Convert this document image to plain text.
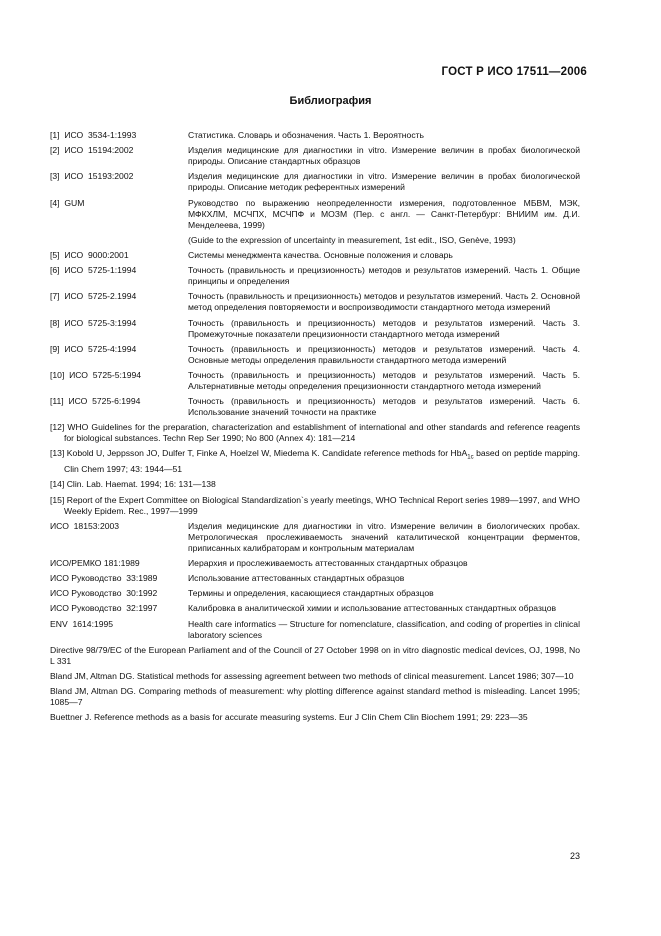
ГОСТ Р ИСО 17511—2006
Библиография
[1]  ИСО  3534-1:1993	Статистика. Словарь и обозначения. Часть 1. Вероятность
[2]  ИСО  15194:2002	Изделия медицинские для диагностики in vitro. Измерение величин в пробах биологической природы. Описание стандартных образцов
[3]  ИСО  15193:2002	Изделия медицинские для диагностики in vitro. Измерение величин в пробах биологической природы. Описание методик референтных измерений
[4]  GUM	Руководство по выражению неопределенности измерения, подготовленное МБВМ, МЭК, МФКХЛМ, МСЧПХ, МСЧПФ и МОЗМ (Пер. с англ. — Санкт-Петербург: ВНИИМ им. Д.И. Менделеева, 1999)
(Guide to the expression of uncertainty in measurement, 1st edit., ISO, Genève, 1993)
[5]  ИСО  9000:2001	Системы менеджмента качества. Основные положения и словарь
[6]  ИСО  5725-1:1994	Точность (правильность и прецизионность) методов и результатов измерений. Часть 1. Общие принципы и определения
[7]  ИСО  5725-2.1994	Точность (правильность и прецизионность) методов и результатов измерений. Часть 2. Основной метод определения повторяемости и воспроизводимости стандартного метода измерений
[8]  ИСО  5725-3:1994	Точность (правильность и прецизионность) методов и результатов измерений. Часть 3. Промежуточные показатели прецизионности стандартного метода измерений
[9]  ИСО  5725-4:1994	Точность (правильность и прецизионность) методов и результатов измерений. Часть 4. Основные методы определения правильности стандартного метода измерений
[10]  ИСО  5725-5:1994	Точность (правильность и прецизионность) методов и результатов измерений. Часть 5. Альтернативные методы определения прецизионности стандартного метода измерений
[11]  ИСО  5725-6:1994	Точность (правильность и прецизионность) методов и результатов измерений. Часть 6. Использование значений точности на практике
[12] WHO Guidelines for the preparation, characterization and establishment of international and other standards and reference reagents for biological substances. Techn Rep Ser 1990; No 800 (Annex 4): 181—214
[13] Kobold U, Jeppsson JO, Dulfer T, Finke A, Hoelzel W, Miedema K. Candidate reference methods for HbA$_{1c}$ based on peptide mapping. Clin Chem 1997; 43: 1944—51
[14] Clin. Lab. Haemat. 1994; 16: 131—138
[15] Report of the Expert Committee on Biological Standardization`s yearly meetings, WHO Technical Report series 1989—1997, and WHO Weekly Epidem. Rec., 1997—1999
ИСО  18153:2003	Изделия медицинские для диагностики in vitro. Измерение величин в биологических пробах. Метрологическая прослеживаемость значений каталитической концентрации ферментов, приписанных калибраторам и контрольным материалам
ИСО/РЕМКО 181:1989	Иерархия и прослеживаемость аттестованных стандартных образцов
ИСО Руководство  33:1989	Использование аттестованных стандартных образцов
ИСО Руководство  30:1992	Термины и определения, касающиеся стандартных образцов
ИСО Руководство  32:1997	Калибровка в аналитической химии и использование аттестованных стандартных образцов
ENV  1614:1995	Health care informatics — Structure for nomenclature, classification, and coding of properties in clinical laboratory sciences
Directive 98/79/EC of the European Parliament and of the Council of 27 October 1998 on in vitro diagnostic medical devices, OJ, 1998, No L 331
Bland JM, Altman DG. Statistical methods for assessing agreement between two methods of clinical measurement. Lancet 1986; 307—10
Bland JM, Altman DG. Comparing methods of measurement: why plotting difference against standard method is misleading. Lancet 1995; 1085—7
Buettner J. Reference methods as a basis for accurate measuring systems. Eur J Clin Chem Clin Biochem 1991; 29: 223—35
23
